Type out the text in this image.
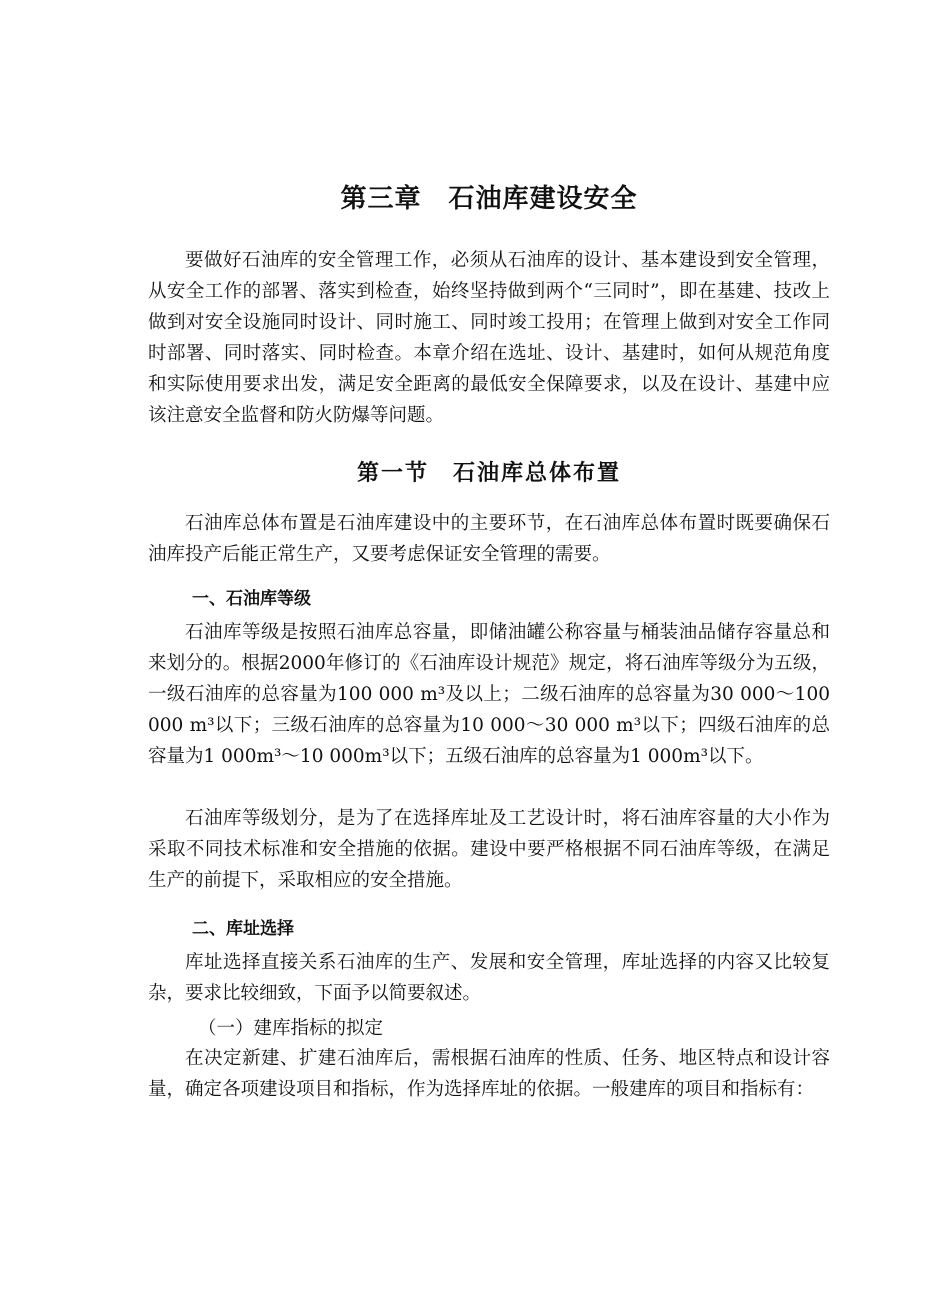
第三章　石油库建设安全

要做好石油库的安全管理工作，必须从石油库的设计、基本建设到安全管理，从安全工作的部署、落实到检查，始终坚持做到两个“三同时”，即在基建、技改上做到对安全设施同时设计、同时施工、同时竣工投用；在管理上做到对安全工作同时部署、同时落实、同时检查。本章介绍在选址、设计、基建时，如何从规范角度和实际使用要求出发，满足安全距离的最低安全保障要求，以及在设计、基建中应该注意安全监督和防火防爆等问题。

第一节　石油库总体布置

石油库总体布置是石油库建设中的主要环节，在石油库总体布置时既要确保石油库投产后能正常生产，又要考虑保证安全管理的需要。

一、石油库等级

石油库等级是按照石油库总容量，即储油罐公称容量与桶装油品储存容量总和来划分的。根据2000年修订的《石油库设计规范》规定，将石油库等级分为五级，一级石油库的总容量为100 000 m³及以上；二级石油库的总容量为30 000～100 000 m³以下；三级石油库的总容量为10 000～30 000 m³以下；四级石油库的总容量为1 000m³～10 000m³以下；五级石油库的总容量为1 000m³以下。

石油库等级划分，是为了在选择库址及工艺设计时，将石油库容量的大小作为采取不同技术标准和安全措施的依据。建设中要严格根据不同石油库等级，在满足生产的前提下，采取相应的安全措施。

二、库址选择

库址选择直接关系石油库的生产、发展和安全管理，库址选择的内容又比较复杂，要求比较细致，下面予以简要叙述。

（一）建库指标的拟定

在决定新建、扩建石油库后，需根据石油库的性质、任务、地区特点和设计容量，确定各项建设项目和指标，作为选择库址的依据。一般建库的项目和指标有：
